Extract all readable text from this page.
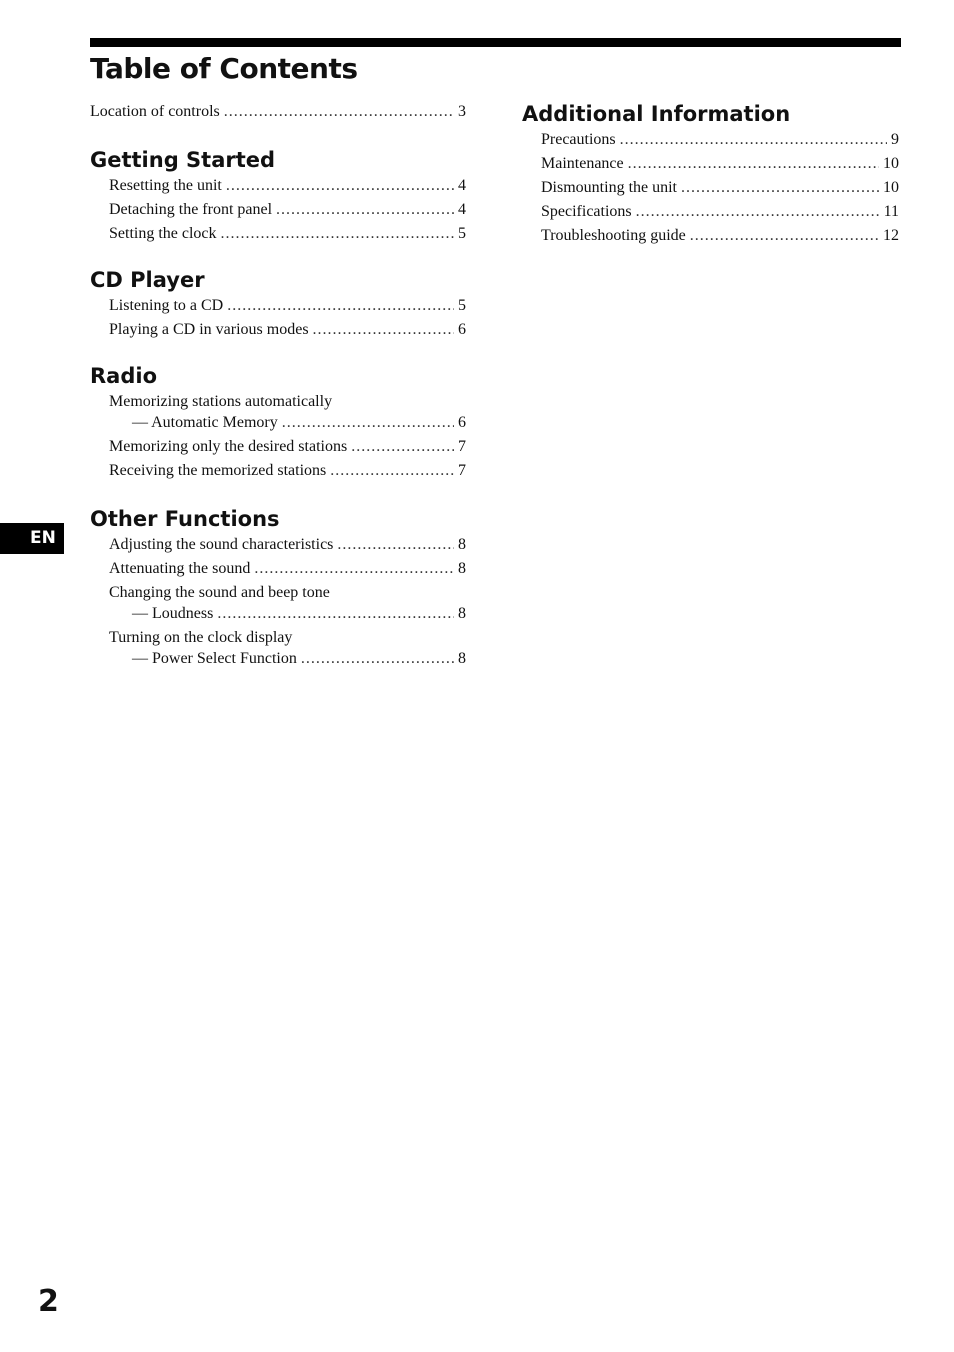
Table of Contents
Location of controls .....	3
Getting Started
Resetting the unit .....	4
Detaching the front panel .....	4
Setting the clock .....	5
CD Player
Listening to a CD .....	5
Playing a CD in various modes .....	6
Radio
Memorizing stations automatically
— Automatic Memory .....	6
Memorizing only the desired stations .....	7
Receiving the memorized stations .....	7
Other Functions
Adjusting the sound characteristics .....	8
Attenuating the sound .....	8
Changing the sound and beep tone
— Loudness .....	8
Turning on the clock display
— Power Select Function .....	8
Additional Information
Precautions .....	9
Maintenance .....	10
Dismounting the unit .....	10
Specifications .....	11
Troubleshooting guide .....	12
EN
2
